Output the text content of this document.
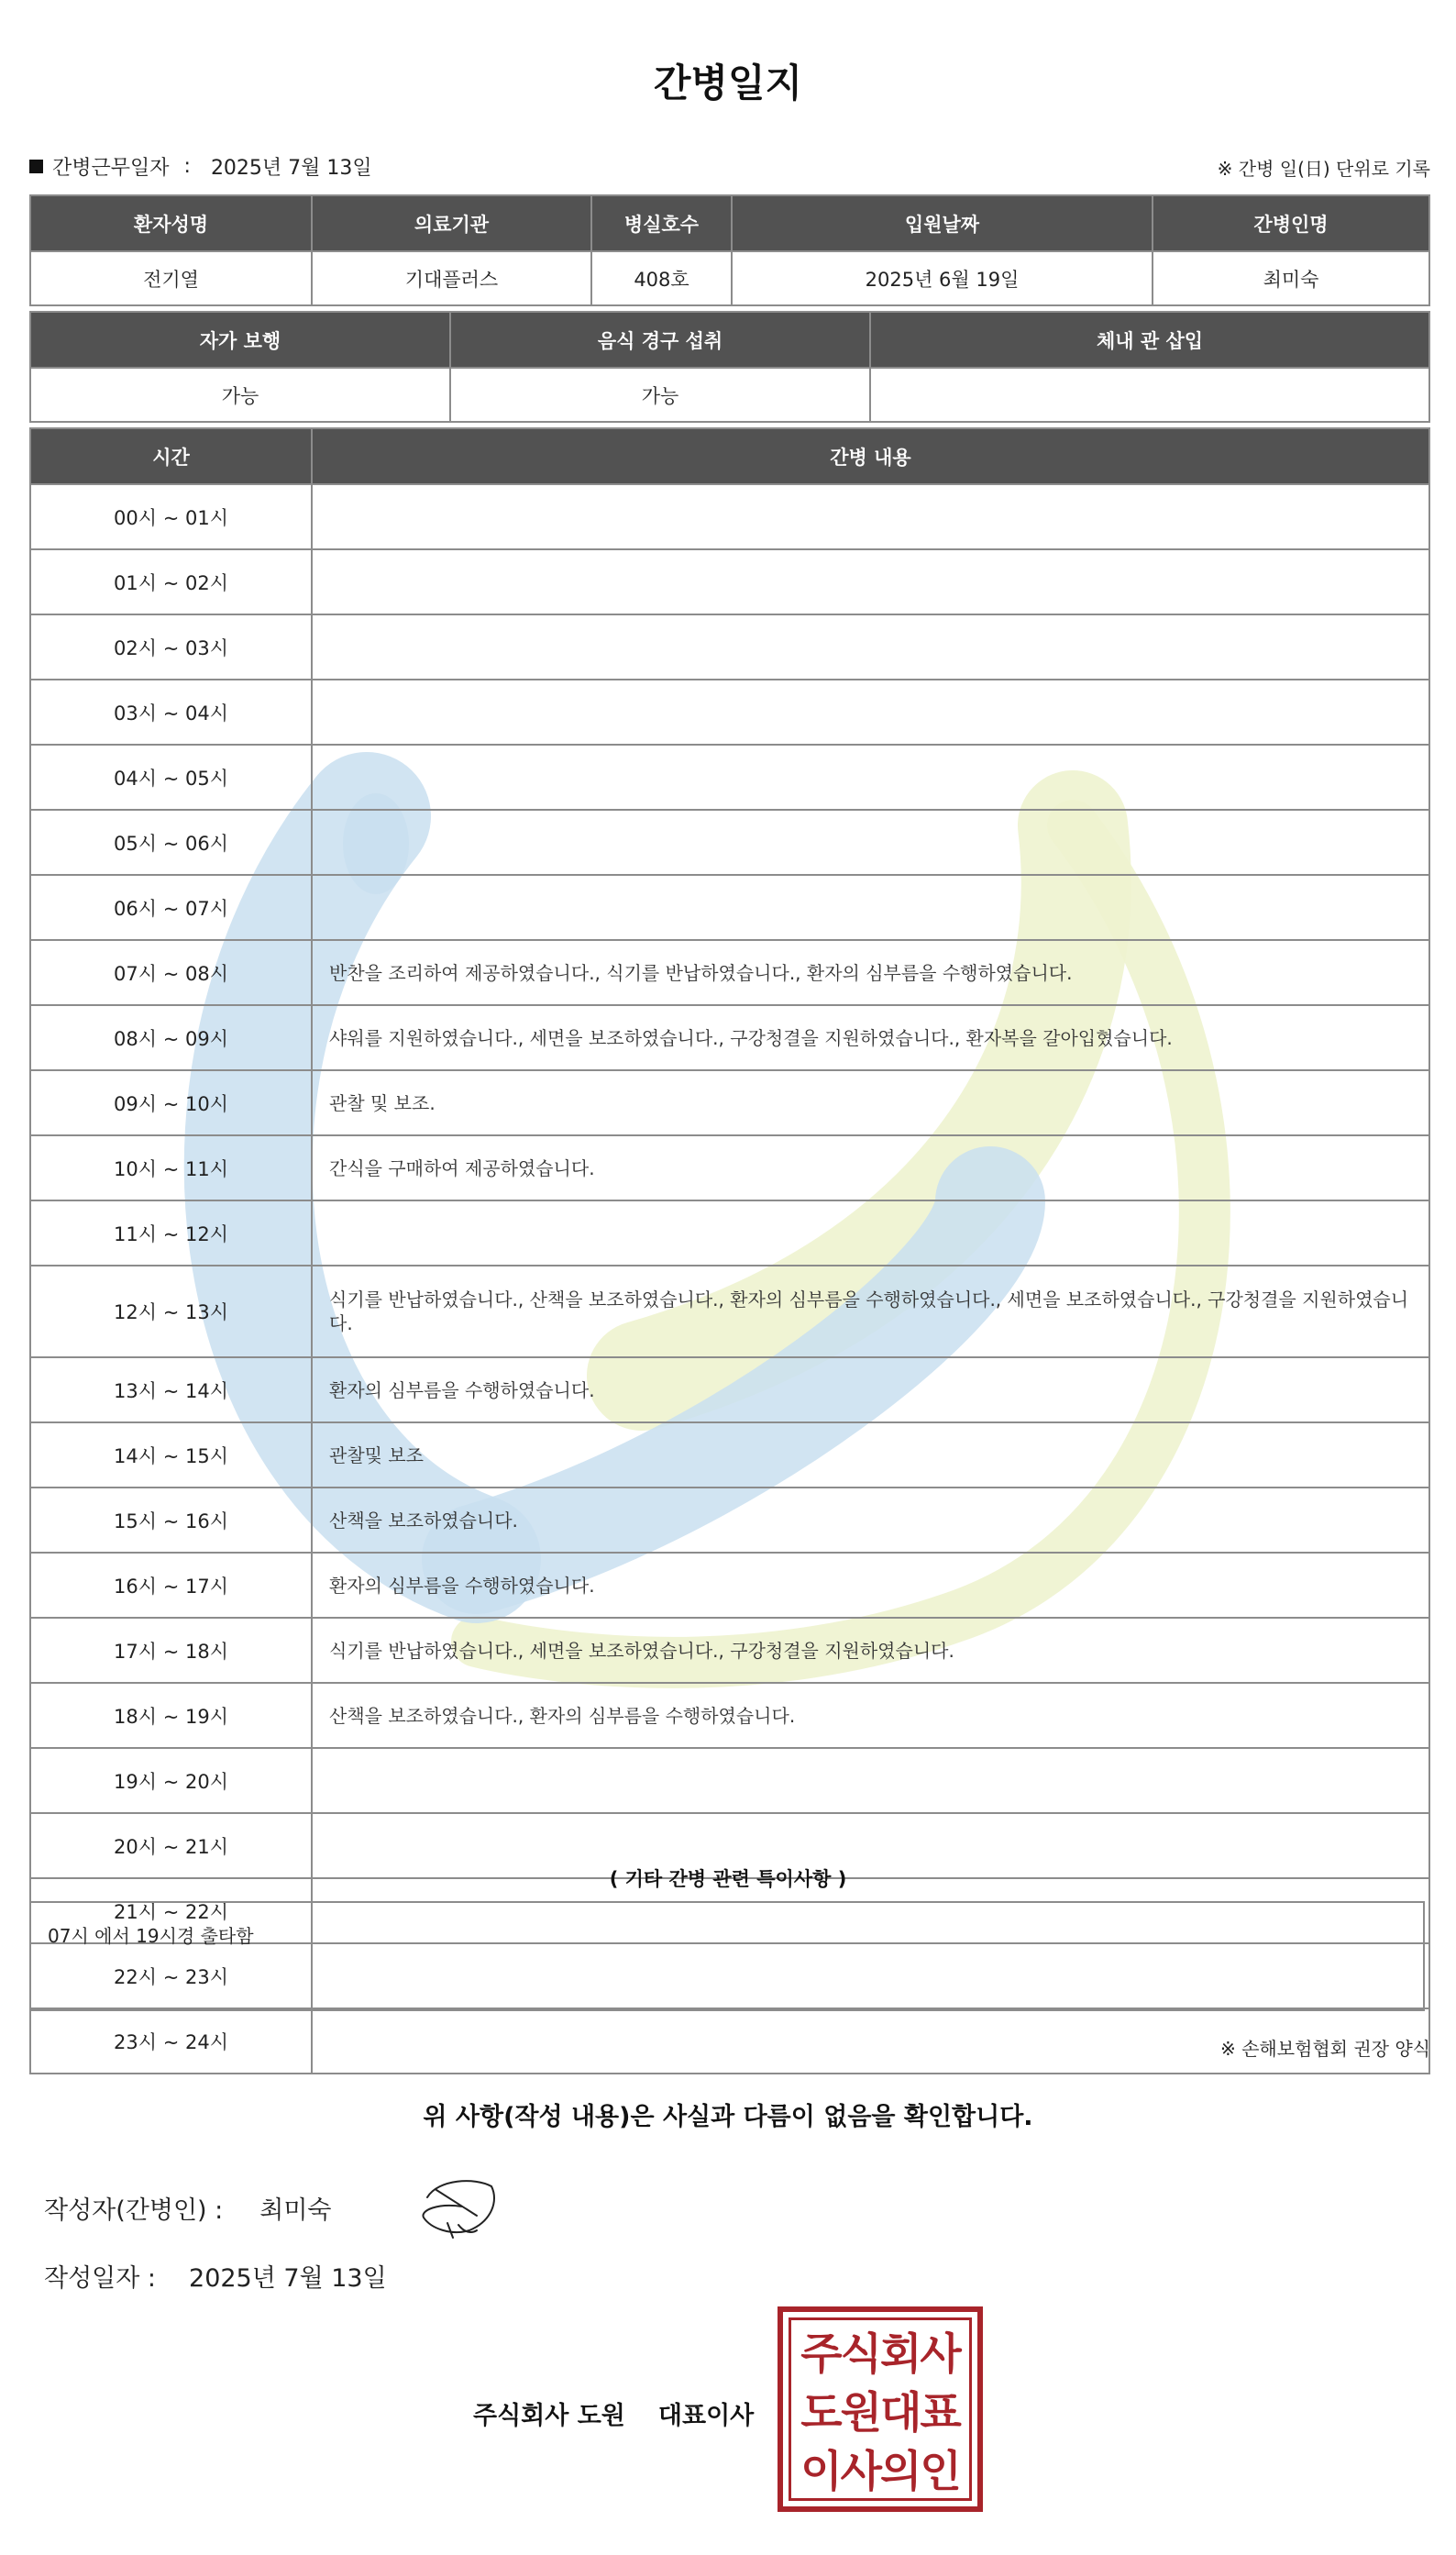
간병일지
간병근무일자 : 2025년 7월 13일	※ 간병 일(日) 단위로 기록
환자성명	의료기관	병실호수	입원날짜	간병인명
전기열	기대플러스	408호	2025년 6월 19일	최미숙
자가 보행	음식 경구 섭취	체내 관 삽입
가능	가능	
시간	간병 내용
00시 ~ 01시	
01시 ~ 02시	
02시 ~ 03시	
03시 ~ 04시	
04시 ~ 05시	
05시 ~ 06시	
06시 ~ 07시	
07시 ~ 08시	반찬을 조리하여 제공하였습니다., 식기를 반납하였습니다., 환자의 심부름을 수행하였습니다.
08시 ~ 09시	샤워를 지원하였습니다., 세면을 보조하였습니다., 구강청결을 지원하였습니다., 환자복을 갈아입혔습니다.
09시 ~ 10시	관찰 및 보조.
10시 ~ 11시	간식을 구매하여 제공하였습니다.
11시 ~ 12시	
12시 ~ 13시	식기를 반납하였습니다., 산책을 보조하였습니다., 환자의 심부름을 수행하였습니다., 세면을 보조하였습니다., 구강청결을 지원하였습니다.
13시 ~ 14시	환자의 심부름을 수행하였습니다.
14시 ~ 15시	관찰및 보조
15시 ~ 16시	산책을 보조하였습니다.
16시 ~ 17시	환자의 심부름을 수행하였습니다.
17시 ~ 18시	식기를 반납하였습니다., 세면을 보조하였습니다., 구강청결을 지원하였습니다.
18시 ~ 19시	산책을 보조하였습니다., 환자의 심부름을 수행하였습니다.
19시 ~ 20시	
20시 ~ 21시	
21시 ~ 22시	
22시 ~ 23시	
23시 ~ 24시	
( 기타 간병 관련 특이사항 )
07시 에서 19시경 출타함
※ 손해보험협회 권장 양식
위 사항(작성 내용)은 사실과 다름이 없음을 확인합니다.
작성자(간병인) : 최미숙
작성일자 : 2025년 7월 13일
주식회사 도원 대표이사
주식회사
도원대표
이사의인
